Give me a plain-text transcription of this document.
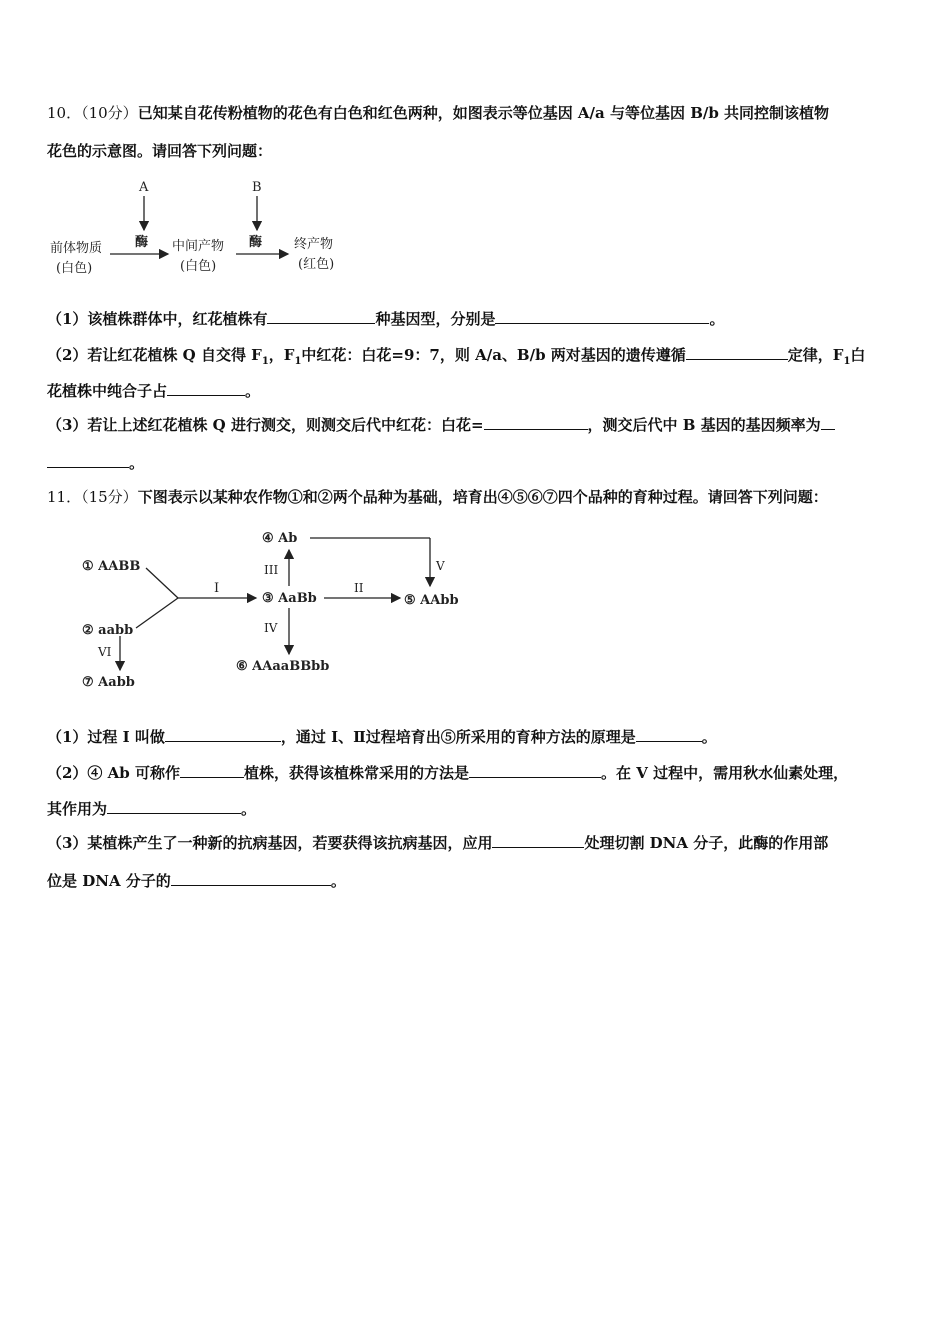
10．（10分）已知某自花传粉植物的花色有白色和红色两种，如图表示等位基因 A/a 与等位基因 B/b 共同控制该植物
花色的示意图。请回答下列问题：
A	B
酶	酶
前体物质
(白色)
中间产物
(白色)
终产物
(红色)
（1）该植株群体中，红花植株有	种基因型，分别是	。
（2）若让红花植株 Q 自交得 $F_1$，$F_1$中红花：白花=9：7，则 A/a、B/b 两对基因的遗传遵循	定律，$F_1$白
花植株中纯合子占	。
（3）若让上述红花植株 Q 进行测交，则测交后代中红花：白花=	，测交后代中 B 基因的基因频率为
。
11．（15分）下图表示以某种农作物①和②两个品种为基础，培育出④⑤⑥⑦四个品种的育种过程。请回答下列问题：
① AABB
② aabb
I
③ AaBb
④ Ab
III	V
II
⑤ AAbb
IV
⑥ AAaaBBbb
VI
⑦ Aabb
（1）过程 I 叫做	，通过 I、Ⅱ过程培育出⑤所采用的育种方法的原理是	。
（2）④ Ab 可称作	植株，获得该植株常采用的方法是	。在 V 过程中，需用秋水仙素处理，
其作用为	。
（3）某植株产生了一种新的抗病基因，若要获得该抗病基因，应用	处理切割 DNA 分子，此酶的作用部
位是 DNA 分子的	。
